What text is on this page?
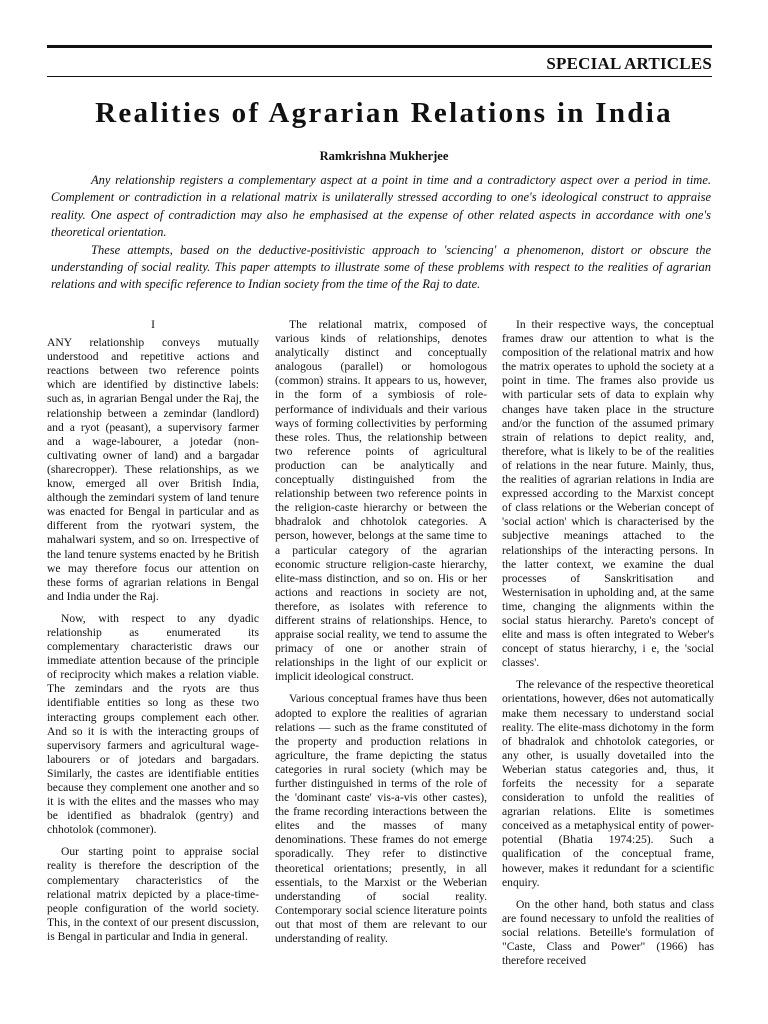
SPECIAL ARTICLES
Realities of Agrarian Relations in India
Ramkrishna Mukherjee

Any relationship registers a complementary aspect at a point in time and a contradictory aspect over a period in time. Complement or contradiction in a relational matrix is unilaterally stressed according to one's ideological construct to appraise reality. One aspect of contradiction may also he emphasised at the expense of other related aspects in accordance with one's theoretical orientation.

These attempts, based on the deductive-positivistic approach to 'sciencing' a phenomenon, distort or obscure the understanding of social reality. This paper attempts to illustrate some of these problems with respect to the realities of agrarian relations and with specific reference to Indian society from the time of the Raj to date.

I

ANY relationship conveys mutually understood and repetitive actions and reactions between two reference points which are identified by distinctive labels: such as, in agrarian Bengal under the Raj, the relationship between a zemindar (landlord) and a ryot (peasant), a supervisory farmer and a wage-labourer, a jotedar (non-cultivating owner of land) and a bargadar (sharecropper). These relationships, as we know, emerged all over British India, although the zemindari system of land tenure was enacted for Bengal in particular and as different from the ryotwari system, the mahalwari system, and so on. Irrespective of the land tenure systems enacted by he British we may therefore focus our attention on these forms of agrarian relations in Bengal and India under the Raj.

Now, with respect to any dyadic relationship as enumerated its complementary characteristic draws our immediate attention because of the principle of reciprocity which makes a relation viable. The zemindars and the ryots are thus identifiable entities so long as these two interacting groups complement each other. And so it is with the interacting groups of supervisory farmers and agricultural wage-labourers or of jotedars and bargadars. Similarly, the castes are identifiable entities because they complement one another and so it is with the elites and the masses who may be identified as bhadralok (gentry) and chhotolok (commoner).

Our starting point to appraise social reality is therefore the description of the complementary characteristics of the relational matrix depicted by a place-time-people configuration of the world society. This, in the context of our present discussion, is Bengal in particular and India in general.

The relational matrix, composed of various kinds of relationships, denotes analytically distinct and conceptually analogous (parallel) or homologous (common) strains. It appears to us, however, in the form of a symbiosis of role-performance of individuals and their various ways of forming collectivities by performing these roles. Thus, the relationship between two reference points of agricultural production can be analytically and conceptually distinguished from the relationship between two reference points in the religion-caste hierarchy or between the bhadralok and chhotolok categories. A person, however, belongs at the same time to a particular category of the agrarian economic structure religion-caste hierarchy, elite-mass distinction, and so on. His or her actions and reactions in society are not, therefore, as isolates with reference to different strains of relationships. Hence, to appraise social reality, we tend to assume the primacy of one or another strain of relationships in the light of our explicit or implicit ideological construct.

Various conceptual frames have thus been adopted to explore the realities of agrarian relations — such as the frame constituted of the property and production relations in agriculture, the frame depicting the status categories in rural society (which may be further distinguished in terms of the role of the 'dominant caste' vis-a-vis other castes), the frame recording interactions between the elites and the masses of many denominations. These frames do not emerge sporadically. They refer to distinctive theoretical orientations; presently, in all essentials, to the Marxist or the Weberian understanding of social reality. Contemporary social science literature points out that most of them are relevant to our understanding of reality.

In their respective ways, the conceptual frames draw our attention to what is the composition of the relational matrix and how the matrix operates to uphold the society at a point in time. The frames also provide us with particular sets of data to explain why changes have taken place in the structure and/or the function of the assumed primary strain of relations to depict reality, and, therefore, what is likely to be of the realities of relations in the near future. Mainly, thus, the realities of agrarian relations in India are expressed according to the Marxist concept of class relations or the Weberian concept of 'social action' which is characterised by the subjective meanings attached to the relationships of the interacting persons. In the latter context, we examine the dual processes of Sanskritisation and Westernisation in upholding and, at the same time, changing the alignments within the social status hierarchy. Pareto's concept of elite and mass is often integrated to Weber's concept of status hierarchy, i e, the 'social classes'.

The relevance of the respective theoretical orientations, however, d6es not automatically make them necessary to understand social reality. The elite-mass dichotomy in the form of bhadralok and chhotolok categories, or any other, is usually dovetailed into the Weberian status categories and, thus, it forfeits the necessity for a separate consideration to unfold the realities of agrarian relations. Elite is sometimes conceived as a metaphysical entity of power-potential (Bhatia 1974:25). Such a qualification of the conceptual frame, however, makes it redundant for a scientific enquiry.

On the other hand, both status and class are found necessary to unfold the realities of social relations. Beteille's formulation of "Caste, Class and Power" (1966) has therefore received
